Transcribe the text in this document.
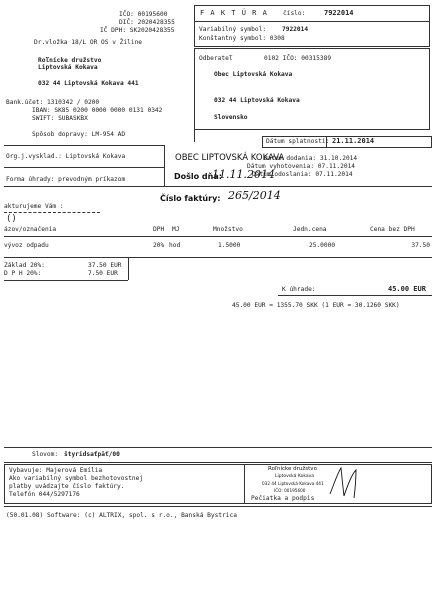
IČO: 00195600
DIČ: 2020428355
IČ DPH: SK2020428355
Dr.vložka 18/L OR OS v Žiline
Roľnícke družstvo
Liptovská Kokava
032 44 Liptovská Kokava 441
Bank.účet: 1310342 / 0200
IBAN: SK85 0200 0000 0000 0131 0342
SWIFT: SUBASKBX
F A K T Ú R A číslo:	7922014
Variabilný symbol:	7922014
Konštantný symbol: 0308
Odberateľ	0102 IČO: 00315389
Obec Liptovská Kokava
032 44 Liptovská Kokava
Slovensko
Spôsob dopravy: LM-954 AD
Org.j.vysklad.: Liptovská Kokava
Forma úhrady: prevodným príkazom
Dátum splatnosti: 21.11.2014
Dátum dodania: 31.10.2014
Dátum vyhotovenia: 07.11.2014
Dátum odoslania: 07.11.2014
OBEC LIPTOVSKÁ KOKAVA
Došlo dňa:
11.11.2014
Číslo faktúry: 265/2014
akturujeme Vám :
()
ázov/označenia	DPH MJ	Množstvo	Jedn.cena	Cena bez DPH
vývoz odpadu	20% hod	1.5000	25.0000	37.50
Základ 20%:	37.50 EUR
D P H 20%:	7.50 EUR
K úhrade:	45.00 EUR
45.00 EUR = 1355.70 SKK (1 EUR = 30.1260 SKK)
Slovom: štyridsaťpäť/00
Vybavuje: Majerová Emília
Ako variabilný symbol bezhotovostnej
platby uvádzajte číslo faktúry.
Telefón 044/5297176
Roľnícke družstvo
Liptovská Kokava
032 44 Liptovská Kokava 441
IČO: 00195600
Pečiatka a podpis
(50.01.08) Software: (c) ALTRIX, spol. s r.o., Banská Bystrica
